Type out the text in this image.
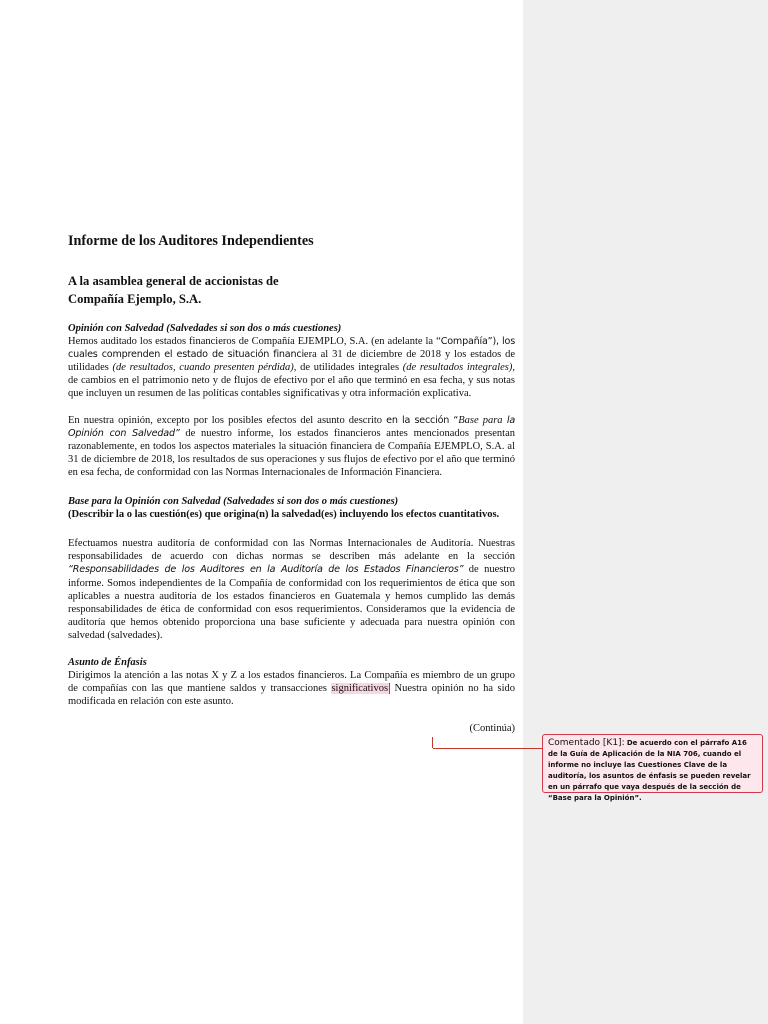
Informe de los Auditores Independientes
A la asamblea general de accionistas de
Compañía Ejemplo, S.A.
Opinión con Salvedad (Salvedades si son dos o más cuestiones)

Hemos auditado los estados financieros de Compañía EJEMPLO, S.A. (en adelante la “Compañía”), los cuales comprenden el estado de situación financiera al 31 de diciembre de 2018 y los estados de utilidades (de resultados, cuando presenten pérdida), de utilidades integrales (de resultados integrales), de cambios en el patrimonio neto y de flujos de efectivo por el año que terminó en esa fecha, y sus notas que incluyen un resumen de las políticas contables significativas y otra información explicativa.

En nuestra opinión, excepto por los posibles efectos del asunto descrito en la sección “Base para la Opinión con Salvedad” de nuestro informe, los estados financieros antes mencionados presentan razonablemente, en todos los aspectos materiales la situación financiera de Compañía EJEMPLO, S.A. al 31 de diciembre de 2018, los resultados de sus operaciones y sus flujos de efectivo por el año que terminó en esa fecha, de conformidad con las Normas Internacionales de Información Financiera.

Base para la Opinión con Salvedad (Salvedades si son dos o más cuestiones)
(Describir la o las cuestión(es) que origina(n) la salvedad(es) incluyendo los efectos cuantitativos.

Efectuamos nuestra auditoría de conformidad con las Normas Internacionales de Auditoría. Nuestras responsabilidades de acuerdo con dichas normas se describen más adelante en la sección “Responsabilidades de los Auditores en la Auditoría de los Estados Financieros” de nuestro informe. Somos independientes de la Compañía de conformidad con los requerimientos de ética que son aplicables a nuestra auditoría de los estados financieros en Guatemala y hemos cumplido las demás responsabilidades de ética de conformidad con esos requerimientos. Consideramos que la evidencia de auditoría que hemos obtenido proporciona una base suficiente y adecuada para nuestra opinión con salvedad (salvedades).

Asunto de Énfasis

Dirigimos la atención a las notas X y Z a los estados financieros. La Compañía es miembro de un grupo de compañías con las que mantiene saldos y transacciones significativos Nuestra opinión no ha sido modificada en relación con este asunto.

(Continúa)
Comentado [K1]: De acuerdo con el párrafo A16 de la Guía de Aplicación de la NIA 706, cuando el informe no incluye las Cuestiones Clave de la auditoría, los asuntos de énfasis se pueden revelar en un párrafo que vaya después de la sección de “Base para la Opinión”.
